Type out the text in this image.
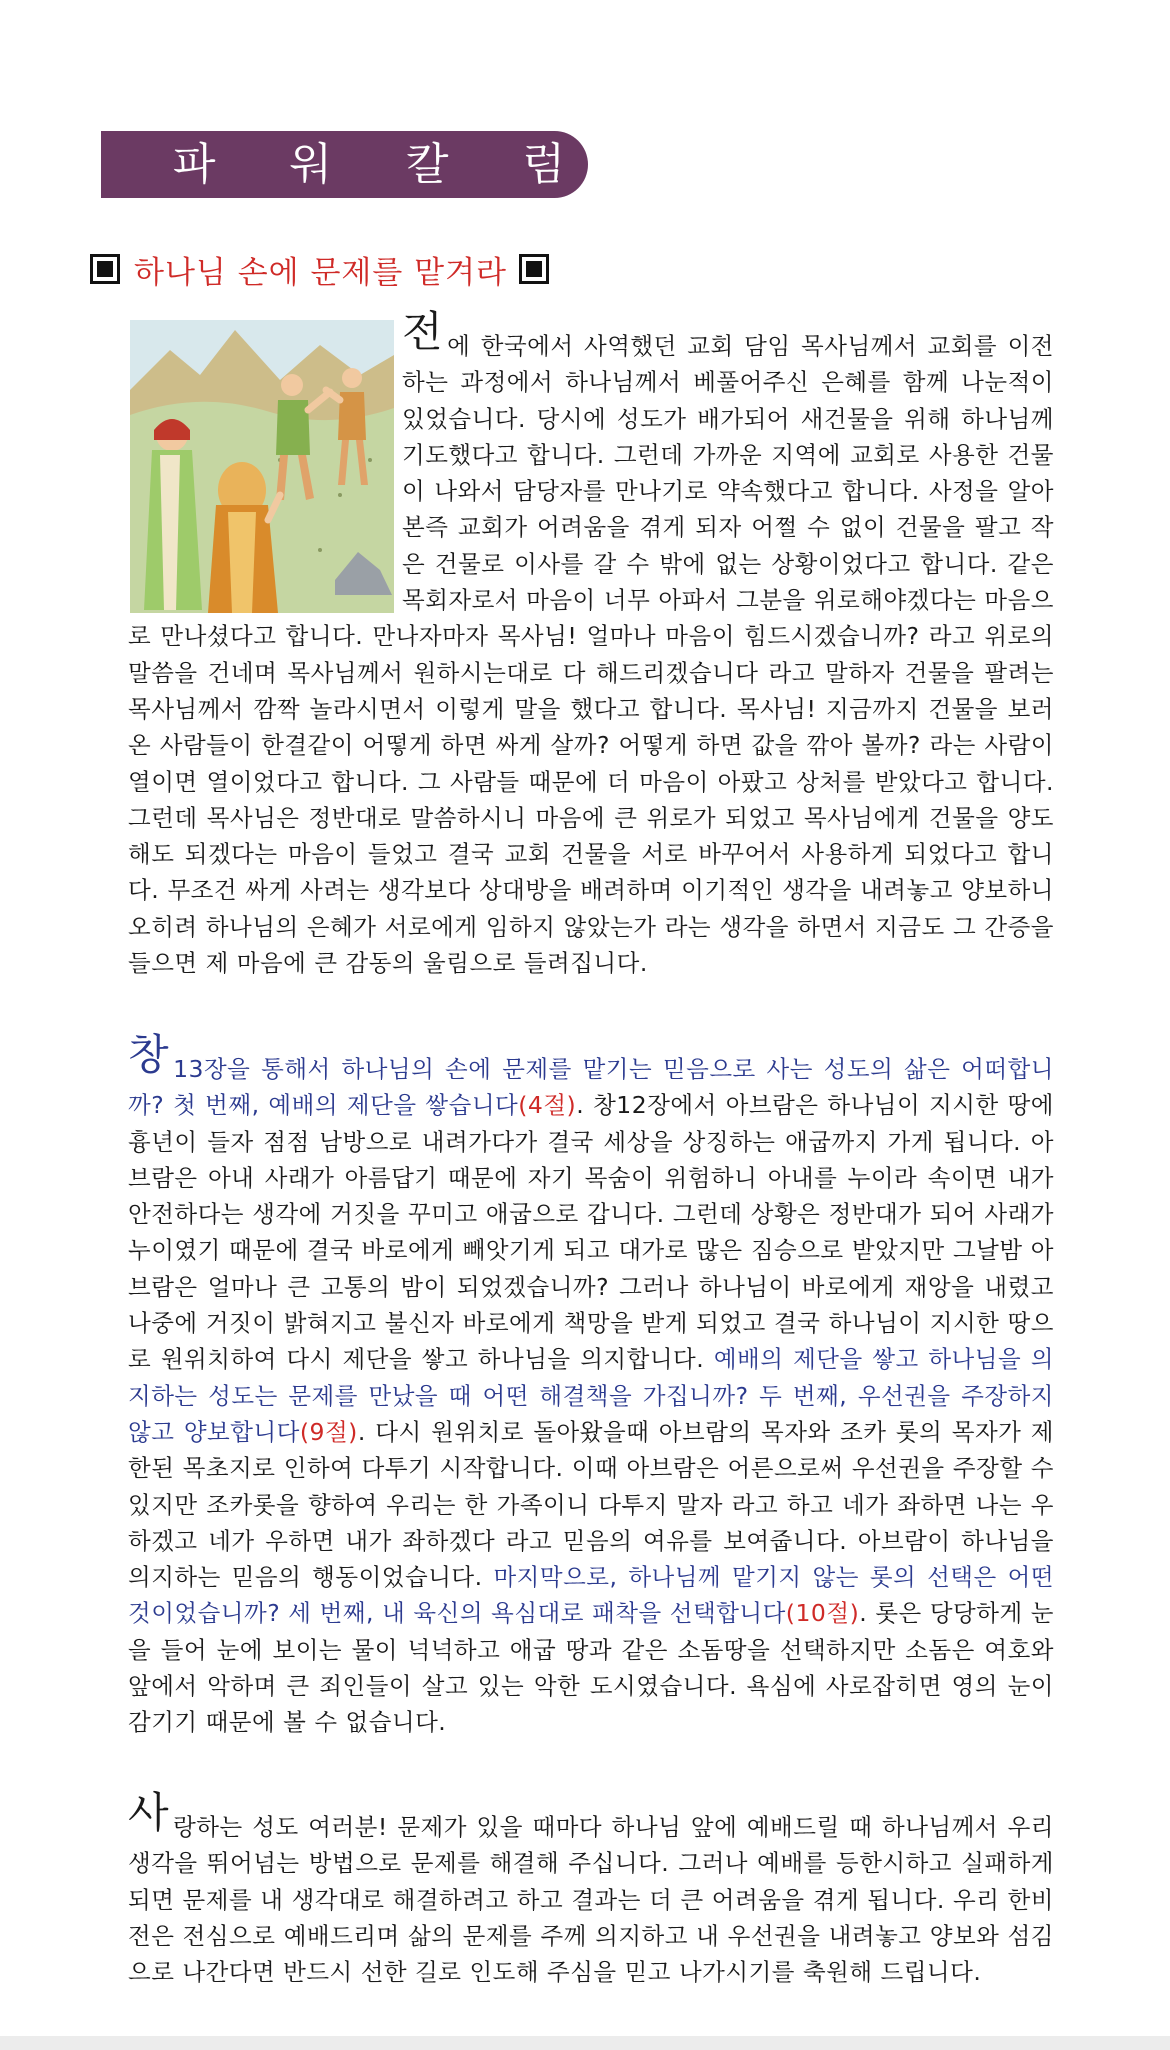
파 워 칼 럼
하나님 손에 문제를 맡겨라
전에 한국에서 사역했던 교회 담임 목사님께서 교회를 이전하는 과정에서 하나님께서 베풀어주신 은혜를 함께 나눈적이 있었습니다. 당시에 성도가 배가되어 새건물을 위해 하나님께 기도했다고 합니다. 그런데 가까운 지역에 교회로 사용한 건물이 나와서 담당자를 만나기로 약속했다고 합니다. 사정을 알아본즉 교회가 어려움을 겪게 되자 어쩔 수 없이 건물을 팔고 작은 건물로 이사를 갈 수 밖에 없는 상황이었다고 합니다. 같은 목회자로서 마음이 너무 아파서 그분을 위로해야겠다는 마음으로 만나셨다고 합니다. 만나자마자 목사님! 얼마나 마음이 힘드시겠습니까? 라고 위로의 말씀을 건네며 목사님께서 원하시는대로 다 해드리겠습니다 라고 말하자 건물을 팔려는 목사님께서 깜짝 놀라시면서 이렇게 말을 했다고 합니다. 목사님! 지금까지 건물을 보러온 사람들이 한결같이 어떻게 하면 싸게 살까? 어떻게 하면 값을 깎아 볼까? 라는 사람이 열이면 열이었다고 합니다. 그 사람들 때문에 더 마음이 아팠고 상처를 받았다고 합니다. 그런데 목사님은 정반대로 말씀하시니 마음에 큰 위로가 되었고 목사님에게 건물을 양도해도 되겠다는 마음이 들었고 결국 교회 건물을 서로 바꾸어서 사용하게 되었다고 합니다. 무조건 싸게 사려는 생각보다 상대방을 배려하며 이기적인 생각을 내려놓고 양보하니 오히려 하나님의 은혜가 서로에게 임하지 않았는가 라는 생각을 하면서 지금도 그 간증을 들으면 제 마음에 큰 감동의 울림으로 들려집니다.
창 13장을 통해서 하나님의 손에 문제를 맡기는 믿음으로 사는 성도의 삶은 어떠합니까? 첫 번째, 예배의 제단을 쌓습니다(4절). 창12장에서 아브람은 하나님이 지시한 땅에 흉년이 들자 점점 남방으로 내려가다가 결국 세상을 상징하는 애굽까지 가게 됩니다. 아브람은 아내 사래가 아름답기 때문에 자기 목숨이 위험하니 아내를 누이라 속이면 내가 안전하다는 생각에 거짓을 꾸미고 애굽으로 갑니다. 그런데 상황은 정반대가 되어 사래가 누이였기 때문에 결국 바로에게 빼앗기게 되고 대가로 많은 짐승으로 받았지만 그날밤 아브람은 얼마나 큰 고통의 밤이 되었겠습니까? 그러나 하나님이 바로에게 재앙을 내렸고 나중에 거짓이 밝혀지고 불신자 바로에게 책망을 받게 되었고 결국 하나님이 지시한 땅으로 원위치하여 다시 제단을 쌓고 하나님을 의지합니다. 예배의 제단을 쌓고 하나님을 의지하는 성도는 문제를 만났을 때 어떤 해결책을 가집니까? 두 번째, 우선권을 주장하지 않고 양보합니다(9절). 다시 원위치로 돌아왔을때 아브람의 목자와 조카 롯의 목자가 제한된 목초지로 인하여 다투기 시작합니다. 이때 아브람은 어른으로써 우선권을 주장할 수 있지만 조카롯을 향하여 우리는 한 가족이니 다투지 말자 라고 하고 네가 좌하면 나는 우하겠고 네가 우하면 내가 좌하겠다 라고 믿음의 여유를 보여줍니다. 아브람이 하나님을 의지하는 믿음의 행동이었습니다. 마지막으로, 하나님께 맡기지 않는 롯의 선택은 어떤 것이었습니까? 세 번째, 내 육신의 욕심대로 패착을 선택합니다(10절). 롯은 당당하게 눈을 들어 눈에 보이는 물이 넉넉하고 애굽 땅과 같은 소돔땅을 선택하지만 소돔은 여호와 앞에서 악하며 큰 죄인들이 살고 있는 악한 도시였습니다. 욕심에 사로잡히면 영의 눈이 감기기 때문에 볼 수 없습니다.
사랑하는 성도 여러분! 문제가 있을 때마다 하나님 앞에 예배드릴 때 하나님께서 우리 생각을 뛰어넘는 방법으로 문제를 해결해 주십니다. 그러나 예배를 등한시하고 실패하게 되면 문제를 내 생각대로 해결하려고 하고 결과는 더 큰 어려움을 겪게 됩니다. 우리 한비전은 전심으로 예배드리며 삶의 문제를 주께 의지하고 내 우선권을 내려놓고 양보와 섬김으로 나간다면 반드시 선한 길로 인도해 주심을 믿고 나가시기를 축원해 드립니다.
